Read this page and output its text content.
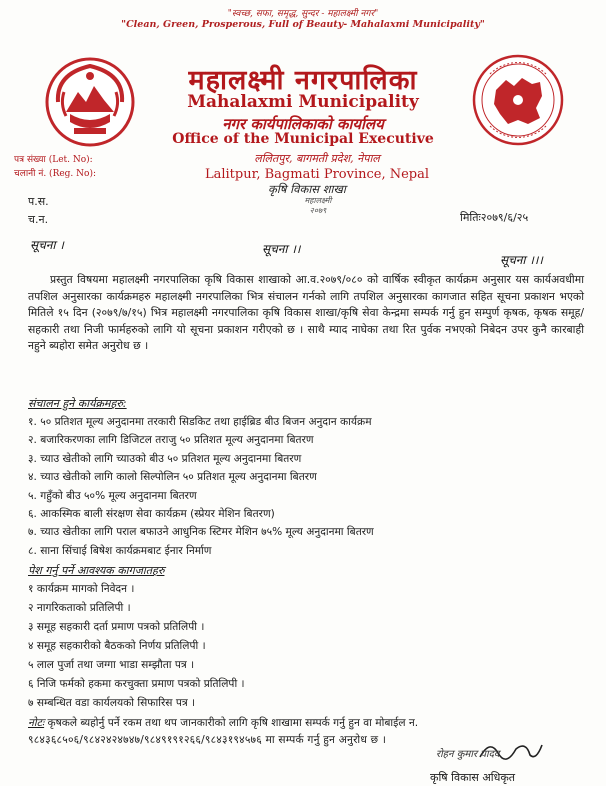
"स्वच्छ, सफा, समृद्ध, सुन्दर - महालक्ष्मी नगर"
"Clean, Green, Prosperous, Full of Beauty- Mahalaxmi Municipality"
महालक्ष्मी नगरपालिका
Mahalaxmi Municipality
नगर कार्यपालिकाको कार्यालय
Office of the Municipal Executive
ललितपुर, बागमती प्रदेश, नेपाल
Lalitpur, Bagmati Province, Nepal
कृषि विकास शाखा
पत्र संख्या (Let. No):
चलानी नं. (Reg. No):
महालक्ष्मी २०७९
प.स.
च.न.	मितिः२०७९/६/२५
सूचना ।	सूचना ।।
सूचना ।।।
प्रस्तुत विषयमा महालक्ष्मी नगरपालिका कृषि विकास शाखाको आ.व.२०७९/०८० को वार्षिक स्वीकृत कार्यक्रम अनुसार यस कार्यअवधीमा तपशिल अनुसारका कार्यक्रमहरु महालक्ष्मी नगरपालिका भित्र संचालन गर्नको लागि तपशिल अनुसारका कागजात सहित सूचना प्रकाशन भएको मितिले १५ दिन (२०७९/७/१५) भित्र महालक्ष्मी नगरपालिका कृषि विकास शाखा/कृषि सेवा केन्द्रमा सम्पर्क गर्नु हुन सम्पुर्ण कृषक, कृषक समूह/सहकारी तथा निजी फार्महरुको लागि यो सूचना प्रकाशन गरीएको छ । साथै म्याद नाघेका तथा रित पुर्वक नभएको निबेदन उपर कुनै कारबाही नहुने ब्यहोरा समेत अनुरोध छ ।
संचालन हुने कार्यक्रमहरु:
१. ५० प्रतिशत मूल्य अनुदानमा तरकारी सिडकिट तथा हाईब्रिड बीउ बिजन अनुदान कार्यक्रम
२. बजारिकरणका लागि डिजिटल तराजु ५० प्रतिशत मूल्य अनुदानमा बितरण
३. च्याउ खेतीको लागि च्याउको बीउ ५० प्रतिशत मूल्य अनुदानमा बितरण
४. च्याउ खेतीको लागि कालो सिल्पोलिन ५० प्रतिशत मूल्य अनुदानमा बितरण
५. गहुँको बीउ ५०% मूल्य अनुदानमा बितरण
६. आकस्मिक बाली संरक्षण सेवा कार्यक्रम (स्प्रेयर मेशिन बितरण)
७. च्याउ खेतीका लागि पराल बफाउने आधुनिक स्टिमर मेशिन ७५% मूल्य अनुदानमा बितरण
८. साना सिंचाई बिषेश कार्यक्रमबाट ईनार निर्माण
पेश गर्नु पर्ने आवश्यक कागजातहरु
१ कार्यक्रम मागको निवेदन ।
२ नागरिकताको प्रतिलिपी ।
३ समूह सहकारी दर्ता प्रमाण पत्रको प्रतिलिपी ।
४ समूह सहकारीको बैठकको निर्णय प्रतिलिपी ।
५ लाल पुर्जा तथा जग्गा भाडा सम्झौता पत्र ।
६ निजि फर्मको हकमा करचुक्ता प्रमाण पत्रको प्रतिलिपी ।
७ सम्बन्धित वडा कार्यलयको सिफारिस पत्र ।
नोटः कृषकले ब्यहोर्नु पर्ने रकम तथा थप जानकारीको लागि कृषि शाखामा सम्पर्क गर्नु हुन वा मोबाईल न.
९८४३६८५०६/९८४२४२४७४७/९८४९१९१२६६/९८४३१९४५७६ मा सम्पर्क गर्नु हुन अनुरोध छ ।
रोहन कुमार यादव
कृषि विकास अधिकृत
